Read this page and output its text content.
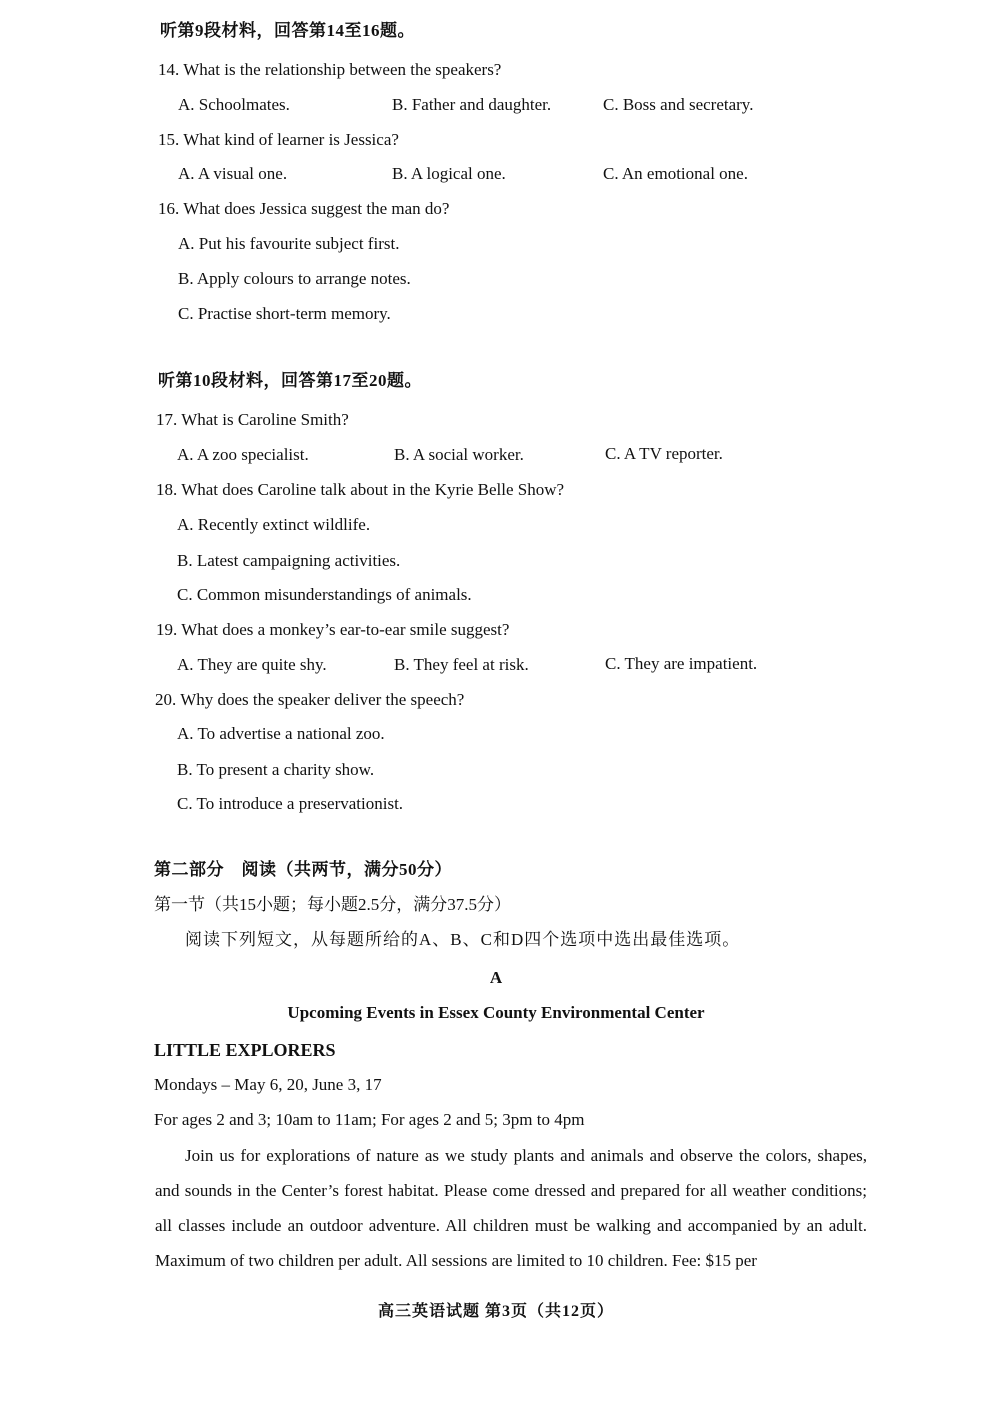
听第9段材料，回答第14至16题。
14. What is the relationship between the speakers?
A. Schoolmates.	B. Father and daughter.	C. Boss and secretary.
15. What kind of learner is Jessica?
A. A visual one.	B. A logical one.	C. An emotional one.
16. What does Jessica suggest the man do?
A. Put his favourite subject first.
B. Apply colours to arrange notes.
C. Practise short-term memory.
听第10段材料，回答第17至20题。
17. What is Caroline Smith?
A. A zoo specialist.	B. A social worker.	C. A TV reporter.
18. What does Caroline talk about in the Kyrie Belle Show?
A. Recently extinct wildlife.
B. Latest campaigning activities.
C. Common misunderstandings of animals.
19. What does a monkey’s ear-to-ear smile suggest?
A. They are quite shy.	B. They feel at risk.	C. They are impatient.
20. Why does the speaker deliver the speech?
A. To advertise a national zoo.
B. To present a charity show.
C. To introduce a preservationist.
第二部分　阅读（共两节，满分50分）
第一节（共15小题；每小题2.5分，满分37.5分）
阅读下列短文，从每题所给的A、B、C和D四个选项中选出最佳选项。
A
Upcoming Events in Essex County Environmental Center
LITTLE EXPLORERS
Mondays – May 6, 20, June 3, 17
For ages 2 and 3; 10am to 11am; For ages 2 and 5; 3pm to 4pm
Join us for explorations of nature as we study plants and animals and observe the colors, shapes, and sounds in the Center’s forest habitat. Please come dressed and prepared for all weather conditions; all classes include an outdoor adventure. All children must be walking and accompanied by an adult. Maximum of two children per adult. All sessions are limited to 10 children. Fee: $15 per
高三英语试题 第3页（共12页）
